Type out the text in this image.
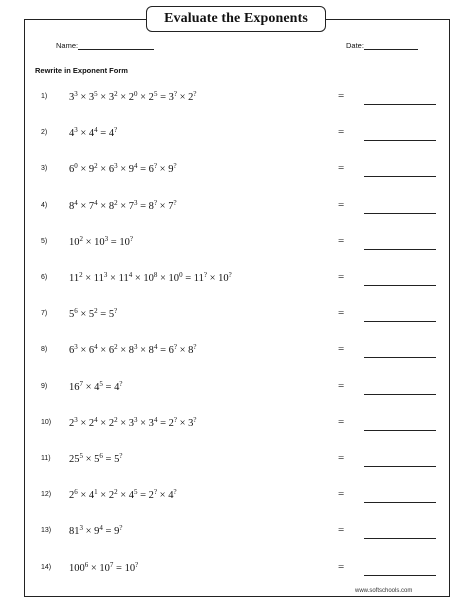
Evaluate the Exponents
Name:	Date:
Rewrite in Exponent Form
1) $3^3 \times 3^5 \times 3^2 \times 2^0 \times 2^5 = 3^? \times 2^?$	=
2) $4^3 \times 4^4 = 4^?$	=
3) $6^0 \times 9^2 \times 6^3 \times 9^4 = 6^? \times 9^?$	=
4) $8^4 \times 7^4 \times 8^2 \times 7^3 = 8^? \times 7^?$	=
5) $10^2 \times 10^3 = 10^?$	=
6) $11^2 \times 11^3 \times 11^4 \times 10^8 \times 10^0 = 11^? \times 10^?$	=
7) $5^6 \times 5^2 = 5^?$	=
8) $6^3 \times 6^4 \times 6^2 \times 8^3 \times 8^4 = 6^? \times 8^?$	=
9) $16^7 \times 4^5 = 4^?$	=
10) $2^3 \times 2^4 \times 2^2 \times 3^3 \times 3^4 = 2^? \times 3^?$	=
11) $25^5 \times 5^6 = 5^?$	=
12) $2^6 \times 4^1 \times 2^2 \times 4^5 = 2^? \times 4^?$	=
13) $81^3 \times 9^4 = 9^?$	=
14) $100^6 \times 10^7 = 10^?$	=
www.softschools.com
